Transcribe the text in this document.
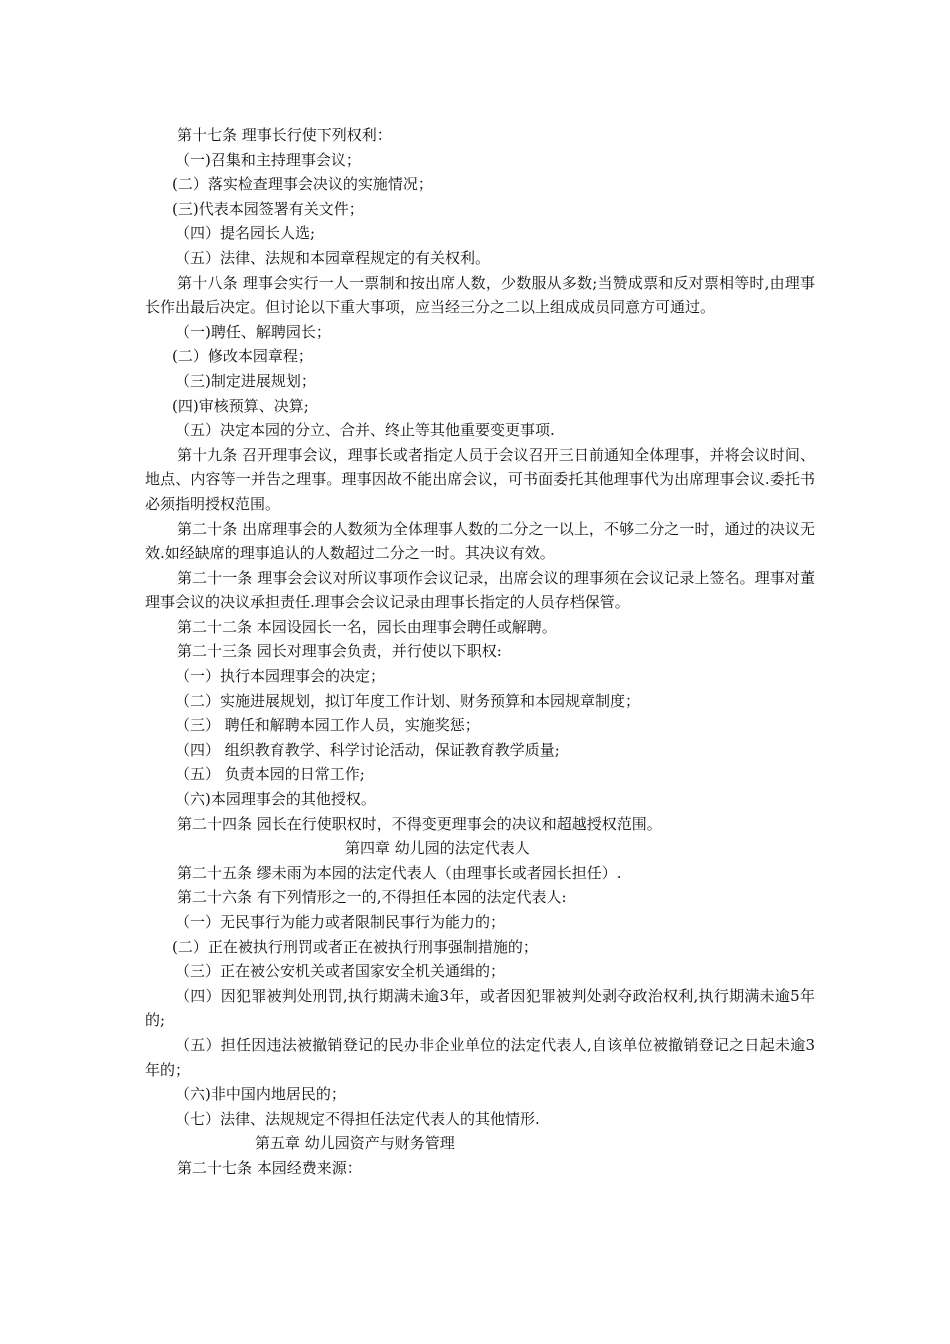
第十七条 理事长行使下列权利：

（一)召集和主持理事会议；

(二）落实检查理事会决议的实施情况；

(三)代表本园签署有关文件；

（四）提名园长人选;

（五）法律、法规和本园章程规定的有关权利。

第十八条 理事会实行一人一票制和按出席人数，少数服从多数;当赞成票和反对票相等时,由理事长作出最后决定。但讨论以下重大事项，应当经三分之二以上组成成员同意方可通过。

（一)聘任、解聘园长；

(二）修改本园章程；

（三)制定进展规划；

(四)审核预算、决算;

（五）决定本园的分立、合并、终止等其他重要变更事项.

第十九条 召开理事会议，理事长或者指定人员于会议召开三日前通知全体理事，并将会议时间、地点、内容等一并告之理事。理事因故不能出席会议，可书面委托其他理事代为出席理事会议.委托书必须指明授权范围。

第二十条 出席理事会的人数须为全体理事人数的二分之一以上，不够二分之一时，通过的决议无效.如经缺席的理事追认的人数超过二分之一时。其决议有效。

第二十一条 理事会会议对所议事项作会议记录，出席会议的理事须在会议记录上签名。理事对董理事会议的决议承担责任.理事会会议记录由理事长指定的人员存档保管。

第二十二条 本园设园长一名，园长由理事会聘任或解聘。

第二十三条 园长对理事会负责，并行使以下职权:

（一）执行本园理事会的决定；

（二）实施进展规划，拟订年度工作计划、财务预算和本园规章制度；

（三） 聘任和解聘本园工作人员，实施奖惩；

（四） 组织教育教学、科学讨论活动，保证教育教学质量;

（五） 负责本园的日常工作;

（六)本园理事会的其他授权。

第二十四条 园长在行使职权时，不得变更理事会的决议和超越授权范围。

第四章 幼儿园的法定代表人

第二十五条 缪未雨为本园的法定代表人（由理事长或者园长担任）.

第二十六条 有下列情形之一的,不得担任本园的法定代表人:

（一）无民事行为能力或者限制民事行为能力的；

(二）正在被执行刑罚或者正在被执行刑事强制措施的；

（三）正在被公安机关或者国家安全机关通缉的；

（四）因犯罪被判处刑罚,执行期满未逾3年，或者因犯罪被判处剥夺政治权利,执行期满未逾5年的;

（五）担任因违法被撤销登记的民办非企业单位的法定代表人,自该单位被撤销登记之日起未逾3年的；

（六)非中国内地居民的；

（七）法律、法规规定不得担任法定代表人的其他情形.

第五章 幼儿园资产与财务管理

第二十七条 本园经费来源：
